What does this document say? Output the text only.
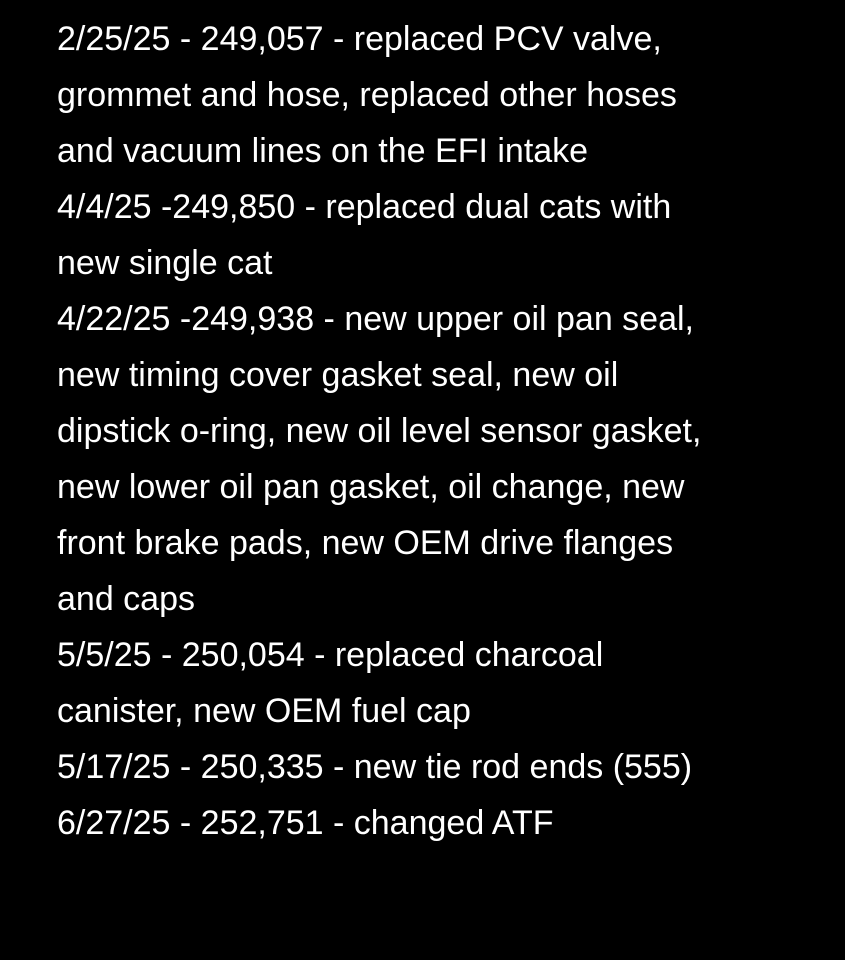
2/25/25 - 249,057 - replaced PCV valve,
grommet and hose, replaced other hoses
and vacuum lines on the EFI intake
4/4/25 -249,850 - replaced dual cats with
new single cat
4/22/25 -249,938 - new upper oil pan seal,
new timing cover gasket seal, new oil
dipstick o-ring, new oil level sensor gasket,
new lower oil pan gasket, oil change, new
front brake pads, new OEM drive flanges
and caps
5/5/25 - 250,054 - replaced charcoal
canister, new OEM fuel cap
5/17/25 - 250,335 - new tie rod ends (555)
6/27/25 - 252,751 - changed ATF
